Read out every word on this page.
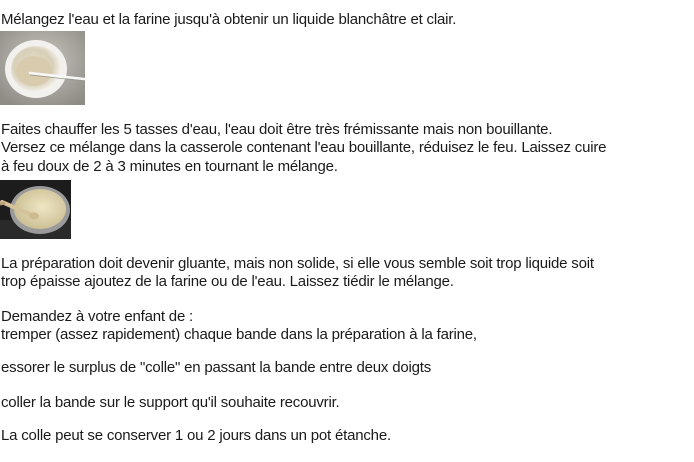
Mélangez l'eau et la farine jusqu'à obtenir un liquide blanchâtre et clair.
Faites chauffer les 5 tasses d'eau, l'eau doit être très frémissante mais non bouillante.
Versez ce mélange dans la casserole contenant l'eau bouillante, réduisez le feu. Laissez cuire
à feu doux de 2 à 3 minutes en tournant le mélange.
La préparation doit devenir gluante, mais non solide, si elle vous semble soit trop liquide soit
trop épaisse ajoutez de la farine ou de l'eau. Laissez tiédir le mélange.
Demandez à votre enfant de :
tremper (assez rapidement) chaque bande dans la préparation à la farine,
essorer le surplus de "colle" en passant la bande entre deux doigts
coller la bande sur le support qu'il souhaite recouvrir.
La colle peut se conserver 1 ou 2 jours dans un pot étanche.
